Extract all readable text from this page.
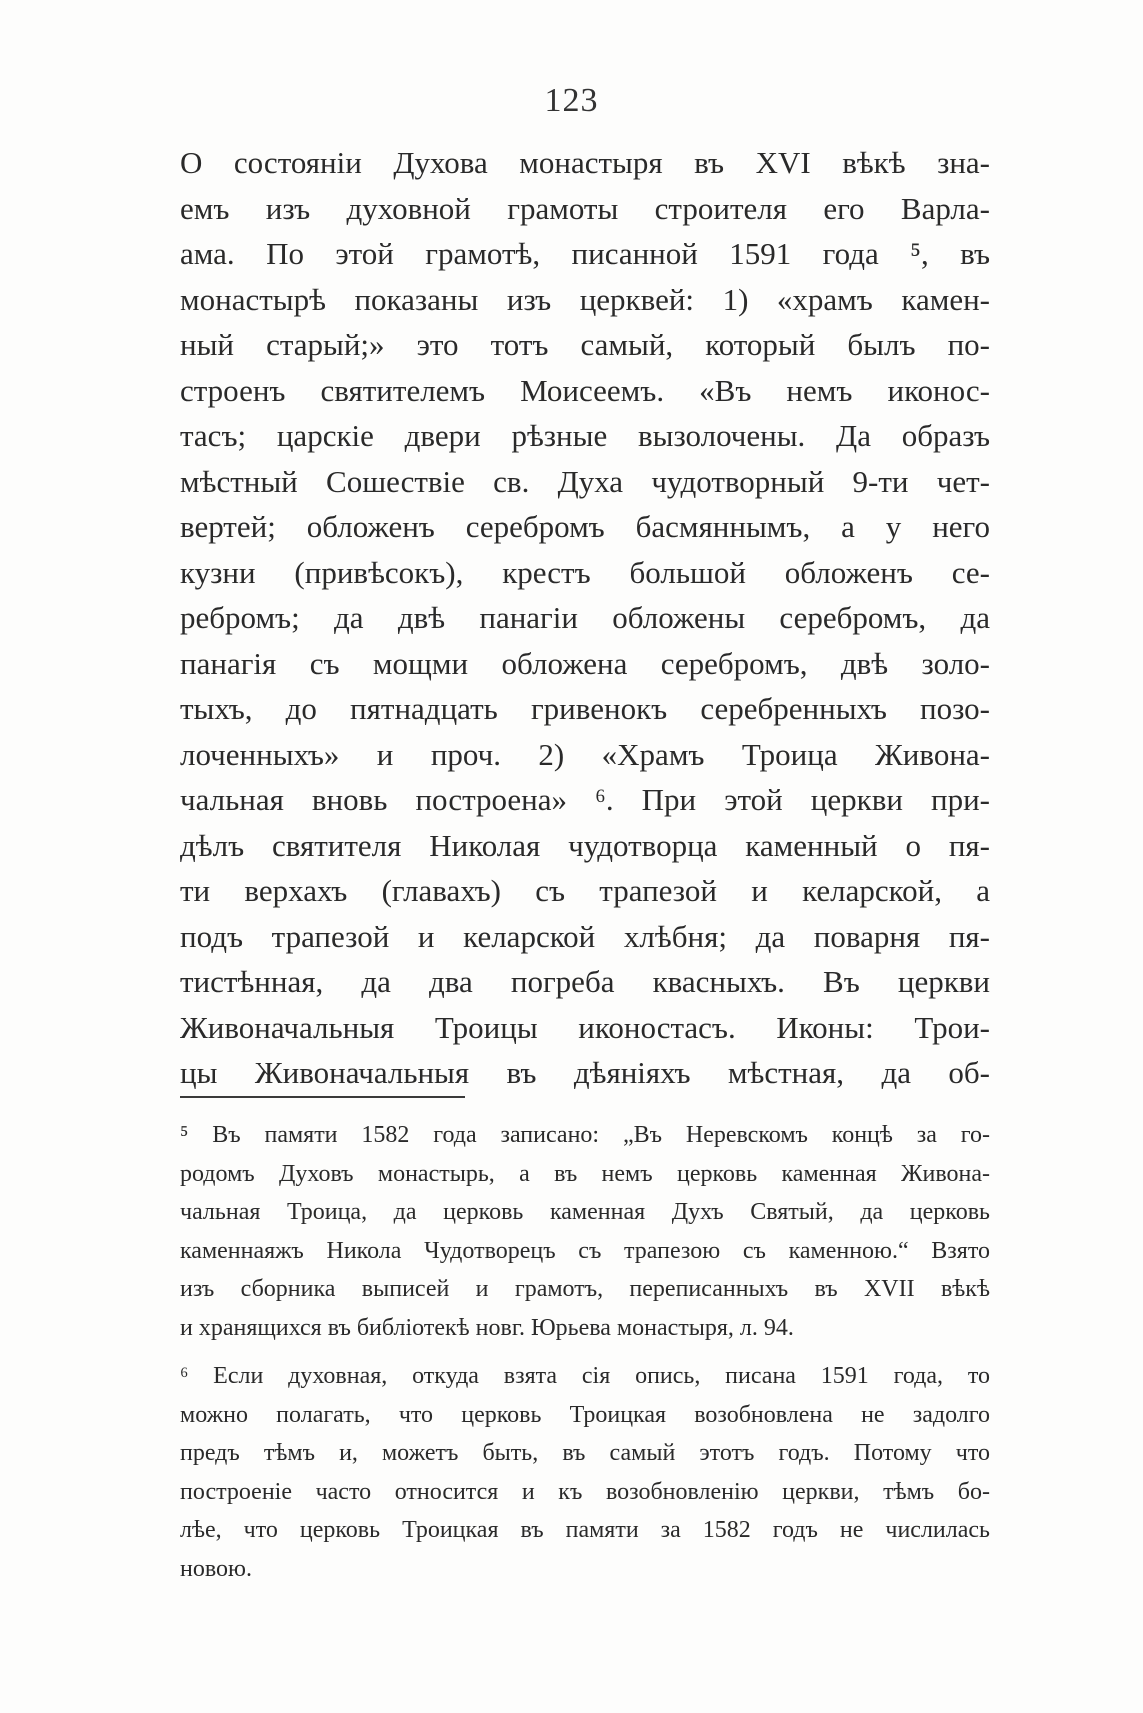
123
О состоянiи Духова монастыря въ XVI вѣкѣ зна-
емъ изъ духовной грамоты строителя его Варла-
ама. По этой грамотѣ, писанной 1591 года ⁵, въ
монастырѣ показаны изъ церквей: 1) «храмъ камен-
ный старый;» это тотъ самый, который былъ по-
строенъ святителемъ Моисеемъ. «Въ немъ иконос-
тасъ; царскiе двери рѣзные вызолочены. Да образъ
мѣстный Сошествiе св. Духа чудотворный 9-ти чет-
вертей; обложенъ серебромъ басмяннымъ, а у него
кузни (привѣсокъ), крестъ большой обложенъ се-
ребромъ; да двѣ панагiи обложены серебромъ, да
панагiя съ мощми обложена серебромъ, двѣ золо-
тыхъ, до пятнадцать гривенокъ серебренныхъ позо-
лоченныхъ» и проч. 2) «Храмъ Троица Живона-
чальная вновь построена» ⁶. При этой церкви при-
дѣлъ святителя Николая чудотворца каменный о пя-
ти верхахъ (главахъ) съ трапезой и келарской, а
подъ трапезой и келарской хлѣбня; да поварня пя-
тистѣнная, да два погреба квасныхъ. Въ церкви
Живоначальныя Троицы иконостасъ. Иконы: Трои-
цы Живоначальныя въ дѣянiяхъ мѣстная, да об-
⁵ Въ памяти 1582 года записано: „Въ Неревскомъ концѣ за го-
родомъ Духовъ монастырь, а въ немъ церковь каменная Живона-
чальная Троица, да церковь каменная Духъ Святый, да церковь
каменнаяжъ Никола Чудотворецъ съ трапезою съ каменною.“ Взято
изъ сборника выписей и грамотъ, переписанныхъ въ XVII вѣкѣ
и хранящихся въ библiотекѣ новг. Юрьева монастыря, л. 94.
⁶ Если духовная, откуда взята сiя опись, писана 1591 года, то
можно полагать, что церковь Троицкая возобновлена не задолго
предъ тѣмъ и, можетъ быть, въ самый этотъ годъ. Потому что
построенiе часто относится и къ возобновленiю церкви, тѣмъ бо-
лѣе, что церковь Троицкая въ памяти за 1582 годъ не числилась
новою.
